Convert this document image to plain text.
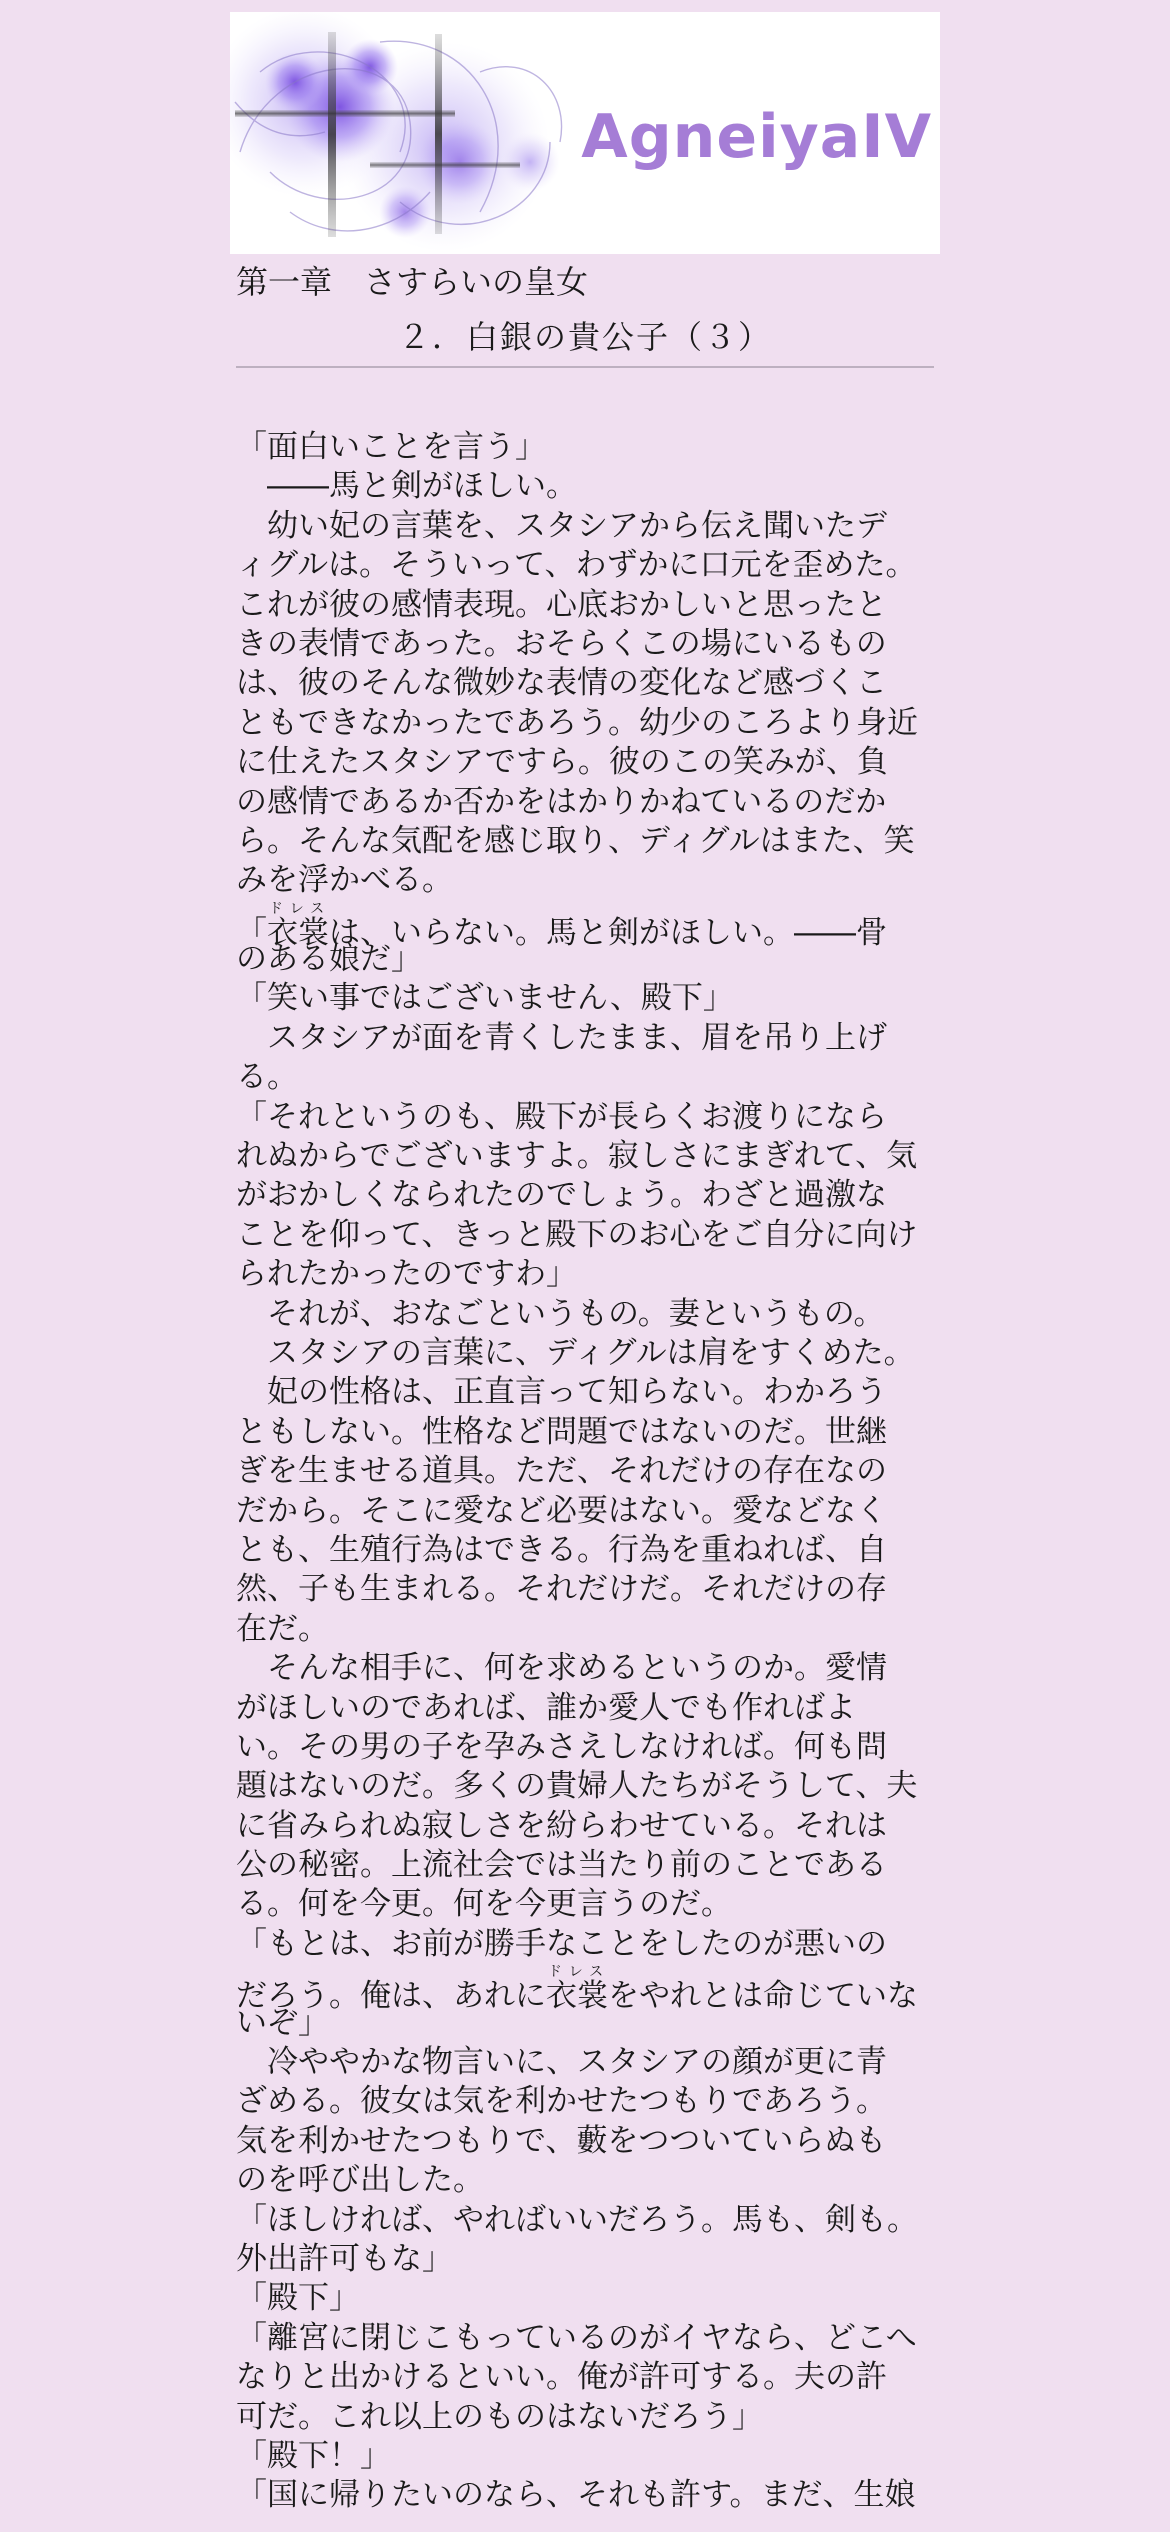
AgneiyaIV
第一章 さすらいの皇女
２．白銀の貴公子（３）
「面白いことを言う」
　――馬と剣がほしい。
　幼い妃の言葉を、スタシアから伝え聞いたデ
ィグルは。そういって、わずかに口元を歪めた。
これが彼の感情表現。心底おかしいと思ったと
きの表情であった。おそらくこの場にいるもの
は、彼のそんな微妙な表情の変化など感づくこ
ともできなかったであろう。幼少のころより身近
に仕えたスタシアですら。彼のこの笑みが、負
の感情であるか否かをはかりかねているのだか
ら。そんな気配を感じ取り、ディグルはまた、笑
みを浮かべる。
「衣裳ドレスは、いらない。馬と剣がほしい。――骨
のある娘だ」
「笑い事ではございません、殿下」
　スタシアが面を青くしたまま、眉を吊り上げ
る。
「それというのも、殿下が長らくお渡りになら
れぬからでございますよ。寂しさにまぎれて、気
がおかしくなられたのでしょう。わざと過激な
ことを仰って、きっと殿下のお心をご自分に向け
られたかったのですわ」
　それが、おなごというもの。妻というもの。
　スタシアの言葉に、ディグルは肩をすくめた。
　妃の性格は、正直言って知らない。わかろう
ともしない。性格など問題ではないのだ。世継
ぎを生ませる道具。ただ、それだけの存在なの
だから。そこに愛など必要はない。愛などなく
とも、生殖行為はできる。行為を重ねれば、自
然、子も生まれる。それだけだ。それだけの存
在だ。
　そんな相手に、何を求めるというのか。愛情
がほしいのであれば、誰か愛人でも作ればよ
い。その男の子を孕みさえしなければ。何も問
題はないのだ。多くの貴婦人たちがそうして、夫
に省みられぬ寂しさを紛らわせている。それは
公の秘密。上流社会では当たり前のことである
る。何を今更。何を今更言うのだ。
「もとは、お前が勝手なことをしたのが悪いの
だろう。俺は、あれに衣裳ドレスをやれとは命じていな
いぞ」
　冷ややかな物言いに、スタシアの顔が更に青
ざめる。彼女は気を利かせたつもりであろう。
気を利かせたつもりで、藪をつついていらぬも
のを呼び出した。
「ほしければ、やればいいだろう。馬も、剣も。
外出許可もな」
「殿下」
「離宮に閉じこもっているのがイヤなら、どこへ
なりと出かけるといい。俺が許可する。夫の許
可だ。これ以上のものはないだろう」
「殿下！」
「国に帰りたいのなら、それも許す。まだ、生娘
